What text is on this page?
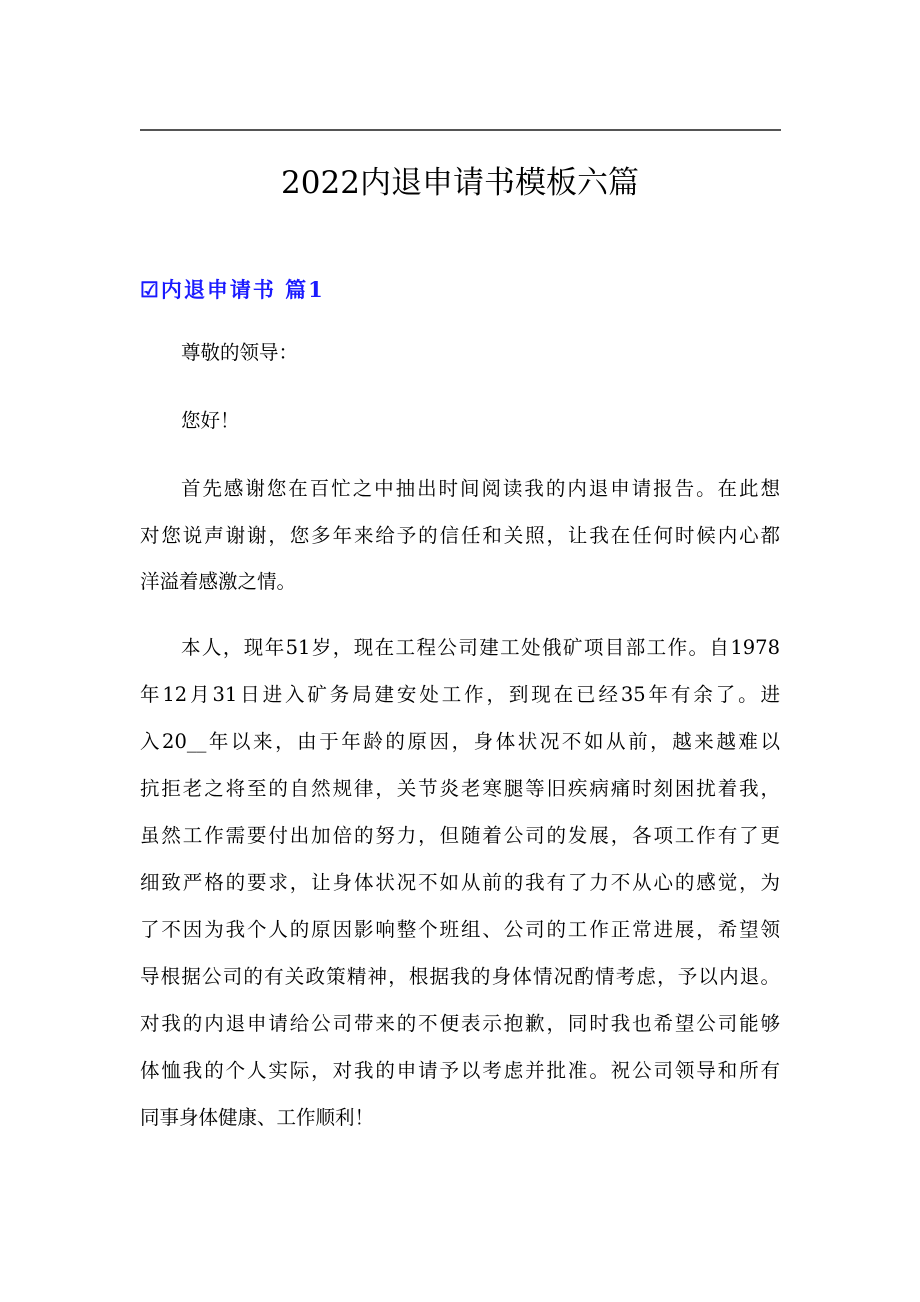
2022内退申请书模板六篇
☑内退申请书 篇1
尊敬的领导：
您好！
首先感谢您在百忙之中抽出时间阅读我的内退申请报告。在此想
对您说声谢谢，您多年来给予的信任和关照，让我在任何时候内心都
洋溢着感激之情。
本人，现年51岁，现在工程公司建工处俄矿项目部工作。自1978
年12月31日进入矿务局建安处工作，到现在已经35年有余了。进
入20__年以来，由于年龄的原因，身体状况不如从前，越来越难以
抗拒老之将至的自然规律，关节炎老寒腿等旧疾病痛时刻困扰着我，
虽然工作需要付出加倍的努力，但随着公司的发展，各项工作有了更
细致严格的要求，让身体状况不如从前的我有了力不从心的感觉，为
了不因为我个人的原因影响整个班组、公司的工作正常进展，希望领
导根据公司的有关政策精神，根据我的身体情况酌情考虑，予以内退。
对我的内退申请给公司带来的不便表示抱歉，同时我也希望公司能够
体恤我的个人实际，对我的申请予以考虑并批准。祝公司领导和所有
同事身体健康、工作顺利！
